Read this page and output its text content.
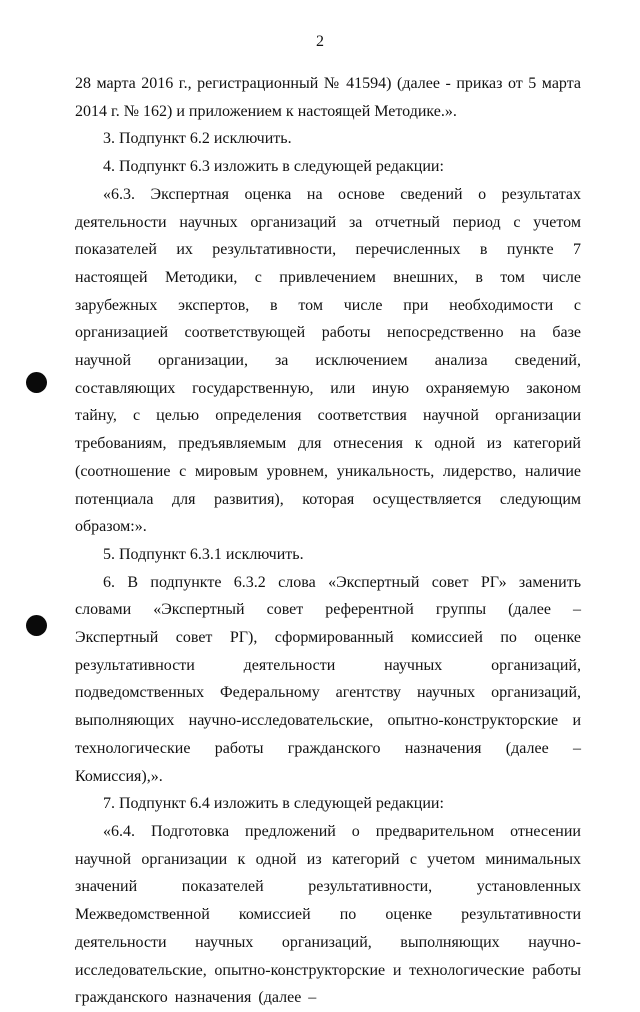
2

28 марта 2016 г., регистрационный № 41594) (далее - приказ от 5 марта 2014 г. № 162) и приложением к настоящей Методике.».

3. Подпункт 6.2 исключить.

4. Подпункт 6.3 изложить в следующей редакции:

«6.3. Экспертная оценка на основе сведений о результатах деятельности научных организаций за отчетный период с учетом показателей их результативности, перечисленных в пункте 7 настоящей Методики, с привлечением внешних, в том числе зарубежных экспертов, в том числе при необходимости с организацией соответствующей работы непосредственно на базе научной организации, за исключением анализа сведений, составляющих государственную, или иную охраняемую законом тайну, с целью определения соответствия научной организации требованиям, предъявляемым для отнесения к одной из категорий (соотношение с мировым уровнем, уникальность, лидерство, наличие потенциала для развития), которая осуществляется следующим образом:».

5. Подпункт 6.3.1 исключить.

6. В подпункте 6.3.2 слова «Экспертный совет РГ» заменить словами «Экспертный совет референтной группы (далее – Экспертный совет РГ), сформированный комиссией по оценке результативности деятельности научных организаций, подведомственных Федеральному агентству научных организаций, выполняющих научно-исследовательские, опытно-конструкторские и технологические работы гражданского назначения (далее – Комиссия),».

7. Подпункт 6.4 изложить в следующей редакции:

«6.4. Подготовка предложений о предварительном отнесении научной организации к одной из категорий с учетом минимальных значений показателей результативности, установленных Межведомственной комиссией по оценке результативности деятельности научных организаций, выполняющих научно-исследовательские, опытно-конструкторские и технологические работы гражданского назначения (далее –
